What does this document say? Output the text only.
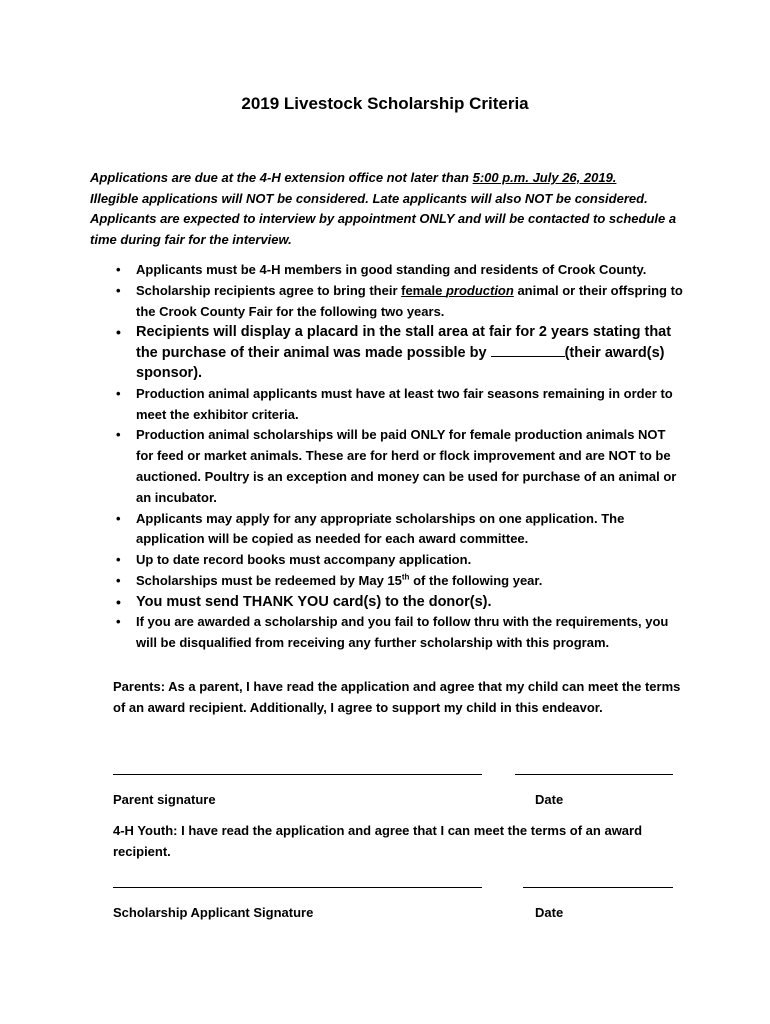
2019 Livestock Scholarship Criteria

Applications are due at the 4-H extension office not later than 5:00 p.m. July 26, 2019.

Illegible applications will NOT be considered. Late applicants will also NOT be considered.

Applicants are expected to interview by appointment ONLY and will be contacted to schedule a time during fair for the interview.

• Applicants must be 4-H members in good standing and residents of Crook County.
• Scholarship recipients agree to bring their female production animal or their offspring to the Crook County Fair for the following two years.
• Recipients will display a placard in the stall area at fair for 2 years stating that the purchase of their animal was made possible by	(their award(s) sponsor).
• Production animal applicants must have at least two fair seasons remaining in order to meet the exhibitor criteria.
• Production animal scholarships will be paid ONLY for female production animals NOT for feed or market animals. These are for herd or flock improvement and are NOT to be auctioned. Poultry is an exception and money can be used for purchase of an animal or an incubator.
• Applicants may apply for any appropriate scholarships on one application. The application will be copied as needed for each award committee.
• Up to date record books must accompany application.
• Scholarships must be redeemed by May 15th of the following year.
• You must send THANK YOU card(s) to the donor(s).
• If you are awarded a scholarship and you fail to follow thru with the requirements, you will be disqualified from receiving any further scholarship with this program.

Parents: As a parent, I have read the application and agree that my child can meet the terms of an award recipient. Additionally, I agree to support my child in this endeavor.

Parent signature	Date

4-H Youth: I have read the application and agree that I can meet the terms of an award recipient.

Scholarship Applicant Signature	Date
